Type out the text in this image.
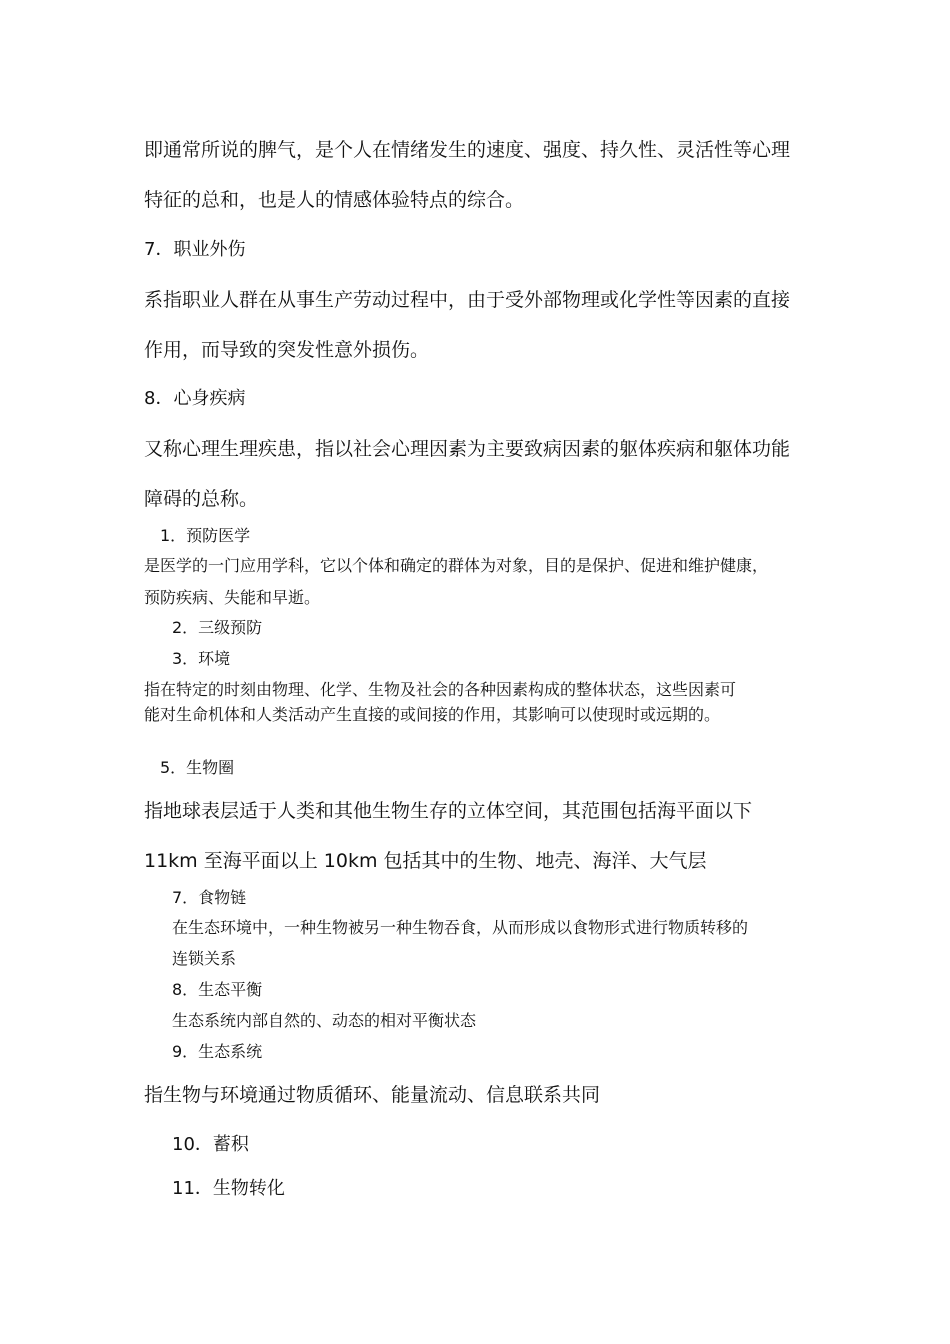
即通常所说的脾气，是个人在情绪发生的速度、强度、持久性、灵活性等心理
特征的总和，也是人的情感体验特点的综合。
7．职业外伤
系指职业人群在从事生产劳动过程中，由于受外部物理或化学性等因素的直接
作用，而导致的突发性意外损伤。
8．心身疾病
又称心理生理疾患，指以社会心理因素为主要致病因素的躯体疾病和躯体功能
障碍的总称。
1．预防医学
是医学的一门应用学科，它以个体和确定的群体为对象，目的是保护、促进和维护健康，
预防疾病、失能和早逝。
2．三级预防
3．环境
指在特定的时刻由物理、化学、生物及社会的各种因素构成的整体状态，这些因素可
能对生命机体和人类活动产生直接的或间接的作用，其影响可以使现时或远期的。
5．生物圈
指地球表层适于人类和其他生物生存的立体空间，其范围包括海平面以下
11km 至海平面以上 10km 包括其中的生物、地壳、海洋、大气层
7．食物链
在生态环境中，一种生物被另一种生物吞食，从而形成以食物形式进行物质转移的
连锁关系
8．生态平衡
生态系统内部自然的、动态的相对平衡状态
9．生态系统
指生物与环境通过物质循环、能量流动、信息联系共同
10．蓄积
11．生物转化
